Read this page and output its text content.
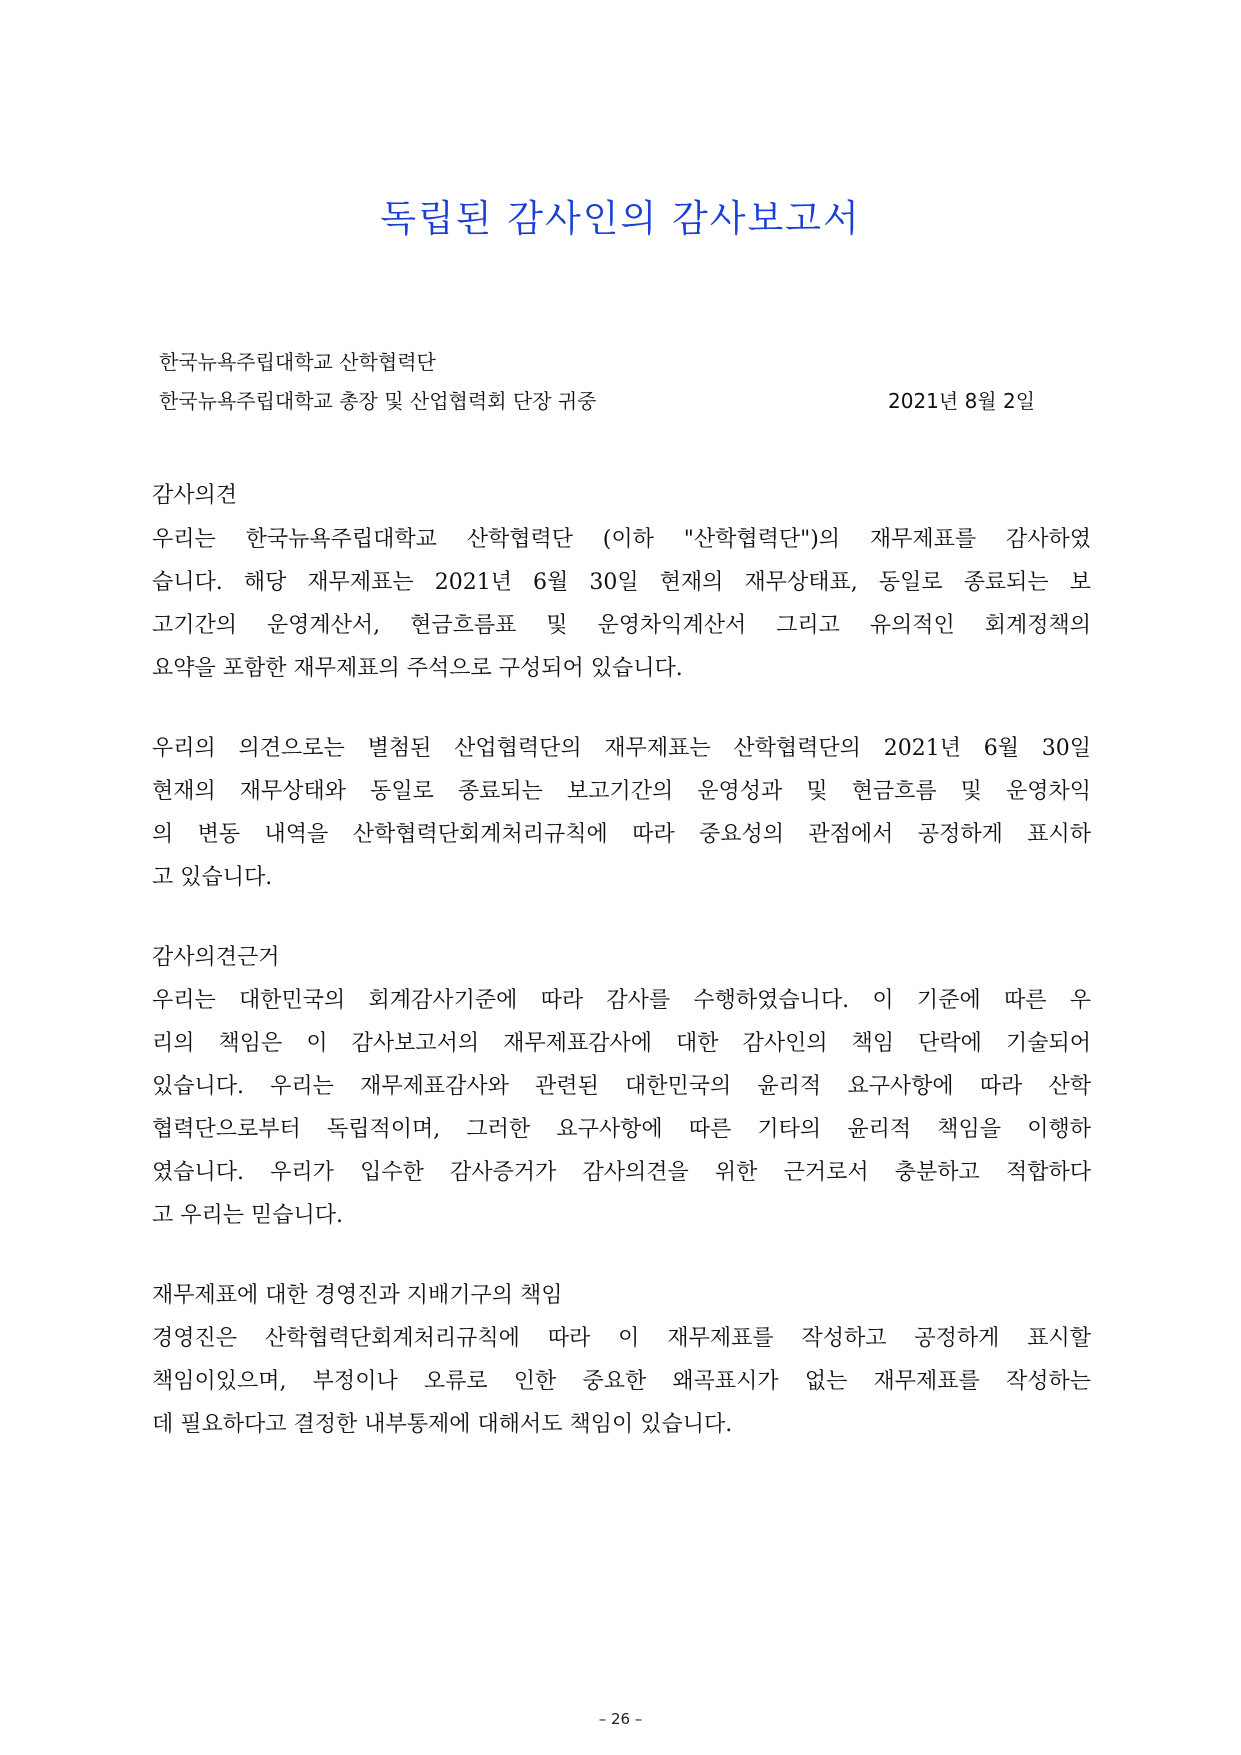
독립된 감사인의 감사보고서
한국뉴욕주립대학교 산학협력단
한국뉴욕주립대학교 총장 및 산업협력회 단장 귀중	2021년 8월 2일
감사의견
우리는 한국뉴욕주립대학교 산학협력단 (이하 "산학협력단")의 재무제표를 감사하였
습니다. 해당 재무제표는 2021년 6월 30일 현재의 재무상태표, 동일로 종료되는 보
고기간의 운영계산서, 현금흐름표 및 운영차익계산서 그리고 유의적인 회계정책의
요약을 포함한 재무제표의 주석으로 구성되어 있습니다.
우리의 의견으로는 별첨된 산업협력단의 재무제표는 산학협력단의 2021년 6월 30일
현재의 재무상태와 동일로 종료되는 보고기간의 운영성과 및 현금흐름 및 운영차익
의 변동 내역을 산학협력단회계처리규칙에 따라 중요성의 관점에서 공정하게 표시하
고 있습니다.
감사의견근거
우리는 대한민국의 회계감사기준에 따라 감사를 수행하였습니다. 이 기준에 따른 우
리의 책임은 이 감사보고서의 재무제표감사에 대한 감사인의 책임 단락에 기술되어
있습니다. 우리는 재무제표감사와 관련된 대한민국의 윤리적 요구사항에 따라 산학
협력단으로부터 독립적이며, 그러한 요구사항에 따른 기타의 윤리적 책임을 이행하
였습니다. 우리가 입수한 감사증거가 감사의견을 위한 근거로서 충분하고 적합하다
고 우리는 믿습니다.
재무제표에 대한 경영진과 지배기구의 책임
경영진은 산학협력단회계처리규칙에 따라 이 재무제표를 작성하고 공정하게 표시할
책임이있으며, 부정이나 오류로 인한 중요한 왜곡표시가 없는 재무제표를 작성하는
데 필요하다고 결정한 내부통제에 대해서도 책임이 있습니다.
– 26 –
